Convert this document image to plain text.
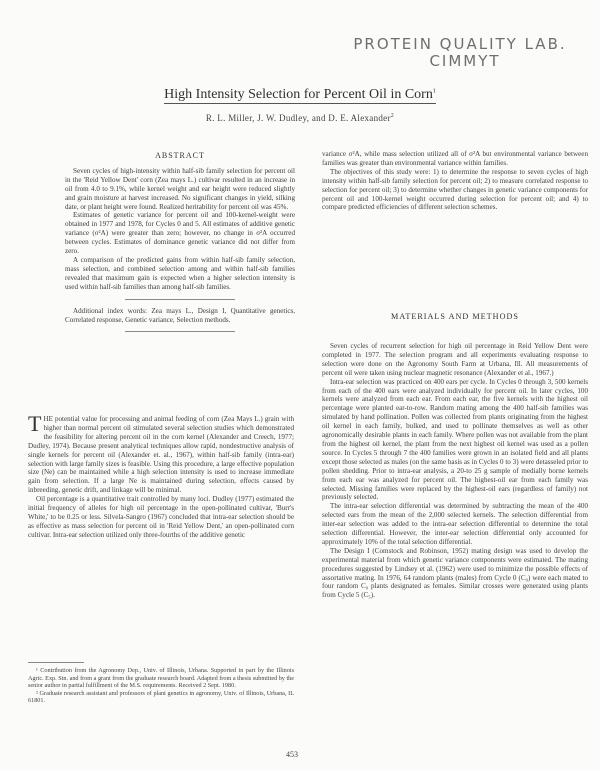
PROTEIN QUALITY LAB.
CIMMYT
High Intensity Selection for Percent Oil in Corn$^1$
R. L. Miller, J. W. Dudley, and D. E. Alexander$^2$
ABSTRACT

Seven cycles of high-intensity within half-sib family selection for percent oil in the 'Reid Yellow Dent' corn (Zea mays L.) cultivar resulted in an increase in oil from 4.0 to 9.1%, while kernel weight and ear height were reduced slightly and grain moisture at harvest increased. No significant changes in yield, silking date, or plant height were found. Realized heritability for percent oil was 45%.

Estimates of genetic variance for percent oil and 100-kernel-weight were obtained in 1977 and 1978, for Cycles 0 and 5. All estimates of additive genetic variance (σ²A) were greater than zero; however, no change in σ²A occurred between cycles. Estimates of dominance genetic variance did not differ from zero.

A comparison of the predicted gains from within half-sib family selection, mass selection, and combined selection among and within half-sib families revealed that maximum gain is expected when a higher selection intensity is used within half-sib families than among half-sib families.

Additional index words: Zea mays L., Design I, Quantitative genetics, Correlated response, Genetic variance, Selection methods.

THE potential value for processing and animal feeding of corn (Zea Mays L.) grain with higher than normal percent oil stimulated several selection studies which demonstrated the feasibility for altering percent oil in the corn kernel (Alexander and Creech, 1977; Dudley, 1974). Because present analytical techniques allow rapid, nondestructive analysis of single kernels for percent oil (Alexander et. al., 1967), within half-sib family (intra-ear) selection with large family sizes is feasible. Using this procedure, a large effective population size (Ne) can be maintained while a high selection intensity is used to increase immediate gain from selection. If a large Ne is maintained during selection, effects caused by inbreeding, genetic drift, and linkage will be minimal.

Oil percentage is a quantitative trait controlled by many loci. Dudley (1977) estimated the initial frequency of alleles for high oil percentage in the open-pollinated cultivar, 'Burr's White,' to be 0.25 or less. Silvela-Sangro (1967) concluded that intra-ear selection should be as effective as mass selection for percent oil in 'Reid Yellow Dent,' an open-pollinated corn cultivar. Intra-ear selection utilized only three-fourths of the additive genetic

¹ Contribution from the Agronomy Dep., Univ. of Illinois, Urbana. Supported in part by the Illinois Agric. Exp. Stn. and from a grant from the graduate research board. Adapted from a thesis submitted by the senior author in partial fulfillment of the M.S. requirements. Received 2 Sept. 1980.

² Graduate research assistant and professors of plant genetics in agronomy, Univ. of Illinois, Urbana, IL 61801.

variance σ²A, while mass selection utilized all of σ²A but environmental variance between families was greater than environmental variance within families.

The objectives of this study were: 1) to determine the response to seven cycles of high intensity within half-sib family selection for percent oil; 2) to measure correlated response to selection for percent oil; 3) to determine whether changes in genetic variance components for percent oil and 100-kernel weight occurred during selection for percent oil; and 4) to compare predicted efficiencies of different selection schemes.

MATERIALS AND METHODS

Seven cycles of recurrent selection for high oil percentage in Reid Yellow Dent were completed in 1977. The selection program and all experiments evaluating response to selection were done on the Agronomy South Farm at Urbana, Ill. All measurements of percent oil were taken using nuclear magnetic resonance (Alexander et al., 1967.)

Intra-ear selection was practiced on 400 ears per cycle. In Cycles 0 through 3, 500 kernels from each of the 400 ears were analyzed individually for percent oil. In later cycles, 100 kernels were analyzed from each ear. From each ear, the five kernels with the highest oil percentage were planted ear-to-row. Random mating among the 400 half-sib families was simulated by hand pollination. Pollen was collected from plants originating from the highest oil kernel in each family, bulked, and used to pollinate themselves as well as other agronomically desirable plants in each family. Where pollen was not available from the plant from the highest oil kernel, the plant from the next highest oil kernel was used as a pollen source. In Cycles 5 through 7 the 400 families were grown in an isolated field and all plants except those selected as males (on the same basis as in Cycles 0 to 3) were detasseled prior to pollen shedding. Prior to intra-ear analysis, a 20-to 25 g sample of medially borne kernels from each ear was analyzed for percent oil. The highest-oil ear from each family was selected. Missing families were replaced by the highest-oil ears (regardless of family) not previously selected.

The intra-ear selection differential was determined by subtracting the mean of the 400 selected ears from the mean of the 2,000 selected kernels. The selection differential from inter-ear selection was added to the intra-ear selection differential to determine the total selection differential. However, the inter-ear selection differential only accounted for approximately 10% of the total selection differential.

The Design I (Comstock and Robinson, 1952) mating design was used to develop the experimental material from which genetic variance components were estimated. The mating procedures suggested by Lindsey et al. (1962) were used to minimize the possible effects of assortative mating. In 1976, 64 random plants (males) from Cycle 0 (C₀) were each mated to four random C₀ plants designated as females. Similar crosses were generated using plants from Cycle 5 (C₅).

453
